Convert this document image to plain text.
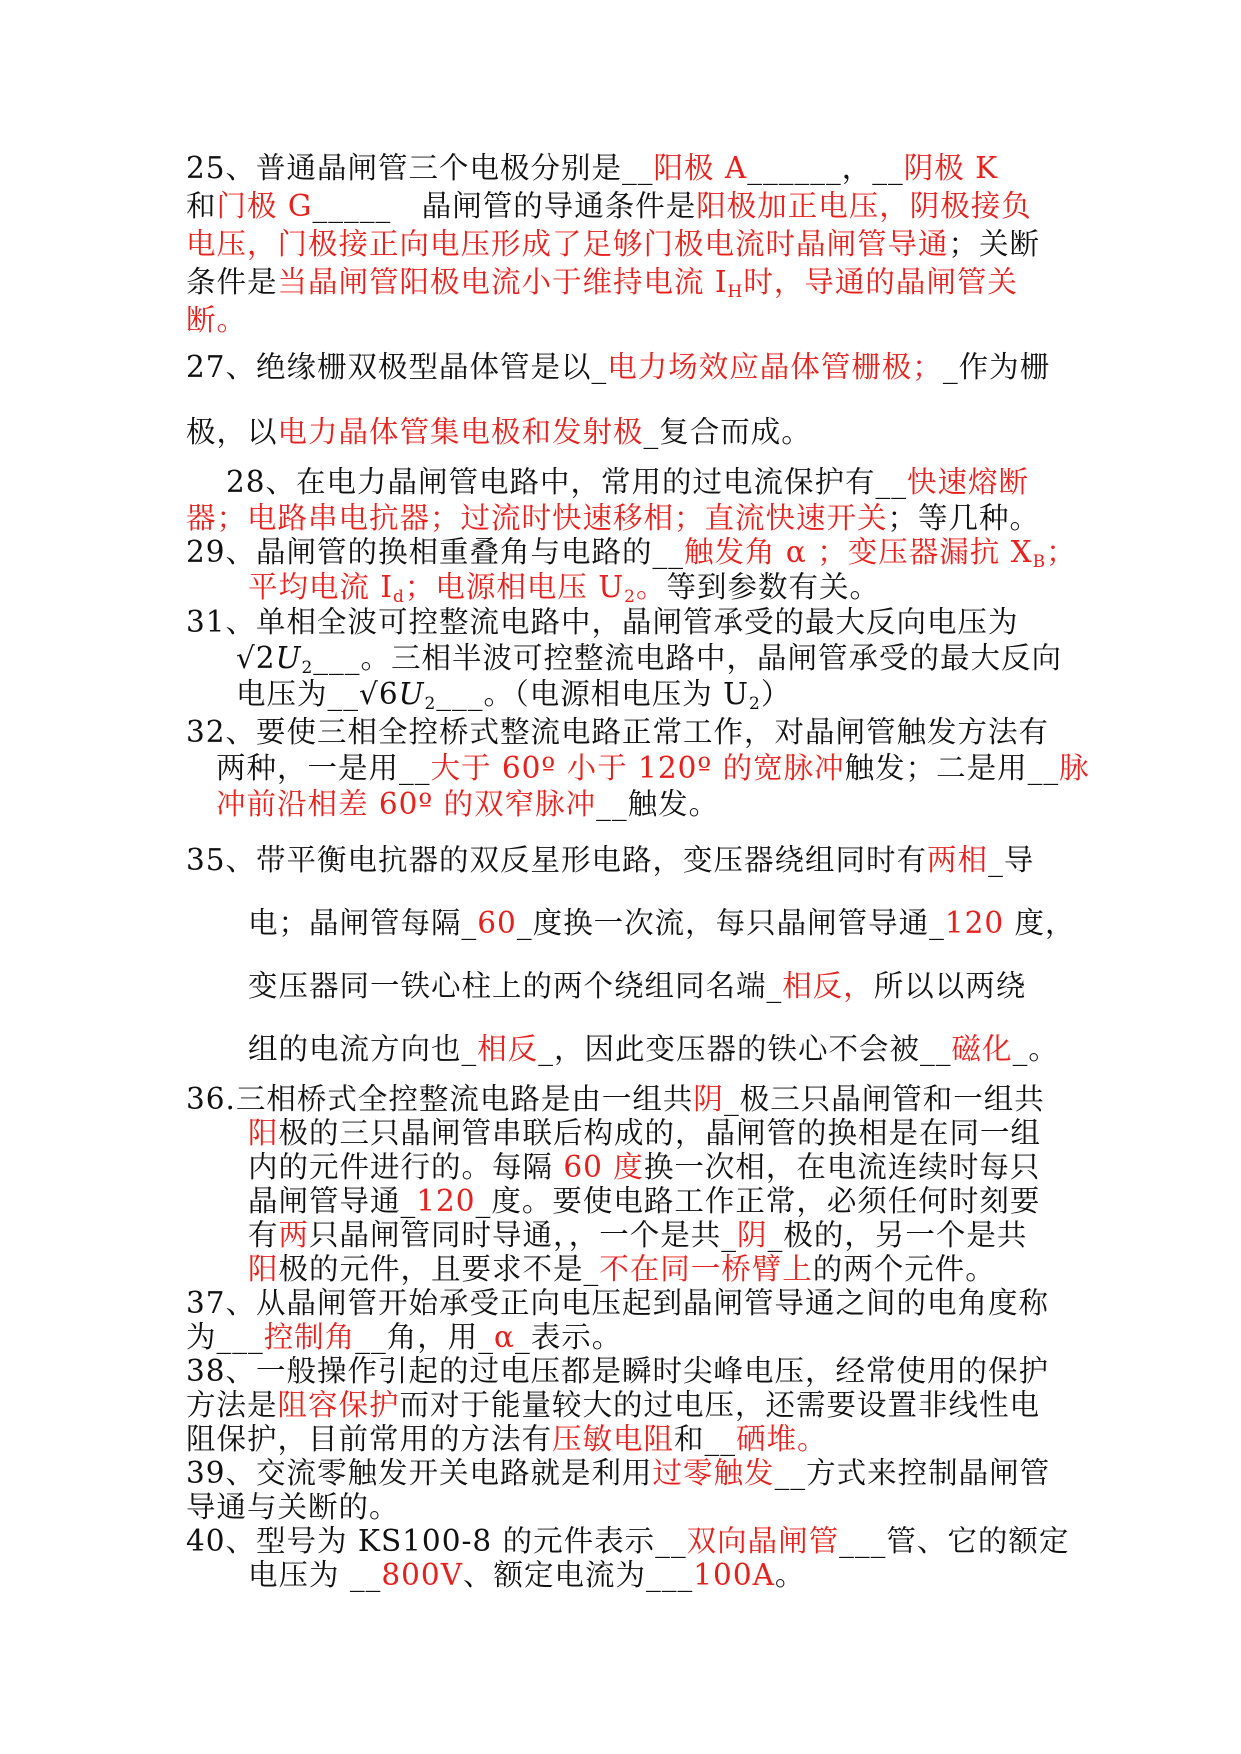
25、普通晶闸管三个电极分别是__阳极 A______，__阴极 K
和门极 G_____　晶闸管的导通条件是阳极加正电压，阴极接负
电压，门极接正向电压形成了足够门极电流时晶闸管导通；关断
条件是当晶闸管阳极电流小于维持电流 $I_H$时，导通的晶闸管关
断。
27、绝缘栅双极型晶体管是以_电力场效应晶体管栅极；_作为栅
极，以电力晶体管集电极和发射极_复合而成。
28、在电力晶闸管电路中，常用的过电流保护有__快速熔断
器；电路串电抗器；过流时快速移相；直流快速开关；等几种。
29、晶闸管的换相重叠角与电路的__触发角 α ；变压器漏抗 $X_B$；
平均电流 $I_d$；电源相电压 $U_2$。等到参数有关。
31、单相全波可控整流电路中，晶闸管承受的最大反向电压为
$√2U_2\_\_\_$。三相半波可控整流电路中，晶闸管承受的最大反向
电压为$\_\_√6U_2\_\_\_$。（电源相电压为 $U_2$）
32、要使三相全控桥式整流电路正常工作，对晶闸管触发方法有
两种，一是用__大于 60º 小于 120º 的宽脉冲触发；二是用__脉
冲前沿相差 60º 的双窄脉冲__触发。
35、带平衡电抗器的双反星形电路，变压器绕组同时有两相_导
电；晶闸管每隔_60_度换一次流，每只晶闸管导通_120 度，
变压器同一铁心柱上的两个绕组同名端_相反，所以以两绕
组的电流方向也_相反_，因此变压器的铁心不会被__磁化_。
36.三相桥式全控整流电路是由一组共阴_极三只晶闸管和一组共
阳极的三只晶闸管串联后构成的，晶闸管的换相是在同一组
内的元件进行的。每隔 60 度换一次相，在电流连续时每只
晶闸管导通_120_度。要使电路工作正常，必须任何时刻要
有两只晶闸管同时导通，，一个是共_阴_极的，另一个是共
阳极的元件，且要求不是_不在同一桥臂上的两个元件。
37、从晶闸管开始承受正向电压起到晶闸管导通之间的电角度称
为___控制角__角，用_α_表示。
38、一般操作引起的过电压都是瞬时尖峰电压，经常使用的保护
方法是阻容保护而对于能量较大的过电压，还需要设置非线性电
阻保护，目前常用的方法有压敏电阻和__硒堆。
39、交流零触发开关电路就是利用过零触发__方式来控制晶闸管
导通与关断的。
40、型号为 KS100-8 的元件表示__双向晶闸管___管、它的额定
电压为 __800V、额定电流为___100A。
